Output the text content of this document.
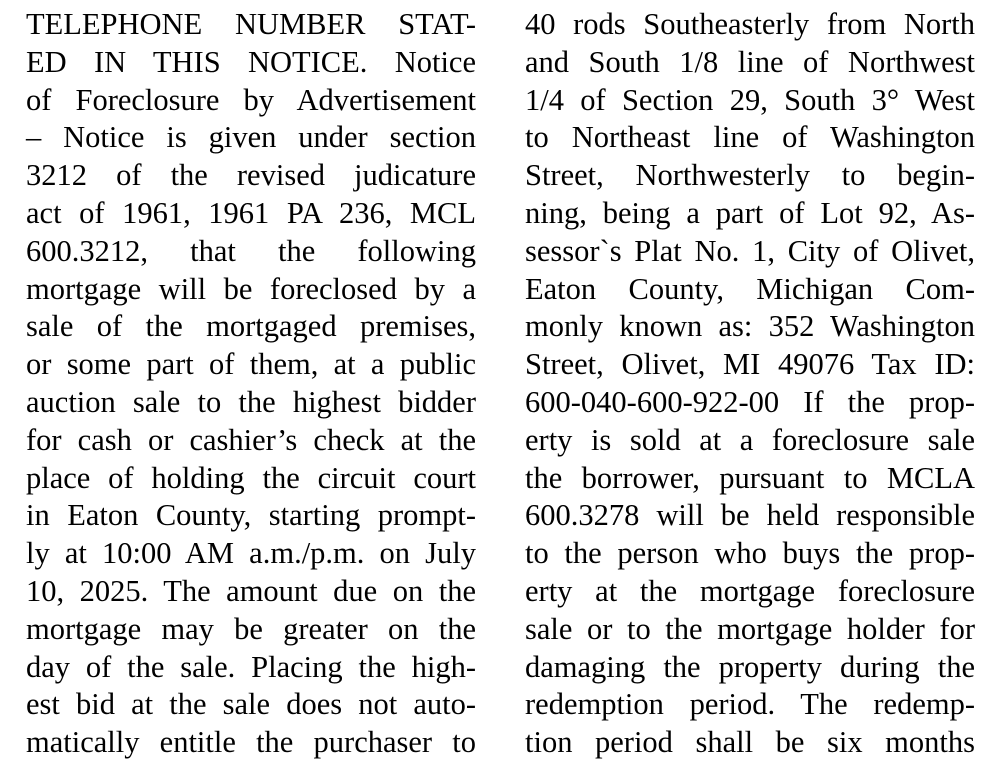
TELEPHONE NUMBER STAT-
ED IN THIS NOTICE. Notice
of Foreclosure by Advertisement
– Notice is given under section
3212 of the revised judicature
act of 1961, 1961 PA 236, MCL
600.3212, that the following
mortgage will be foreclosed by a
sale of the mortgaged premises,
or some part of them, at a public
auction sale to the highest bidder
for cash or cashier’s check at the
place of holding the circuit court
in Eaton County, starting prompt-
ly at 10:00 AM a.m./p.m. on July
10, 2025. The amount due on the
mortgage may be greater on the
day of the sale. Placing the high-
est bid at the sale does not auto-
matically entitle the purchaser to
40 rods Southeasterly from North
and South 1/8 line of Northwest
1/4 of Section 29, South 3° West
to Northeast line of Washington
Street, Northwesterly to begin-
ning, being a part of Lot 92, As-
sessor`s Plat No. 1, City of Olivet,
Eaton County, Michigan Com-
monly known as: 352 Washington
Street, Olivet, MI 49076 Tax ID:
600-040-600-922-00 If the prop-
erty is sold at a foreclosure sale
the borrower, pursuant to MCLA
600.3278 will be held responsible
to the person who buys the prop-
erty at the mortgage foreclosure
sale or to the mortgage holder for
damaging the property during the
redemption period. The redemp-
tion period shall be six months
